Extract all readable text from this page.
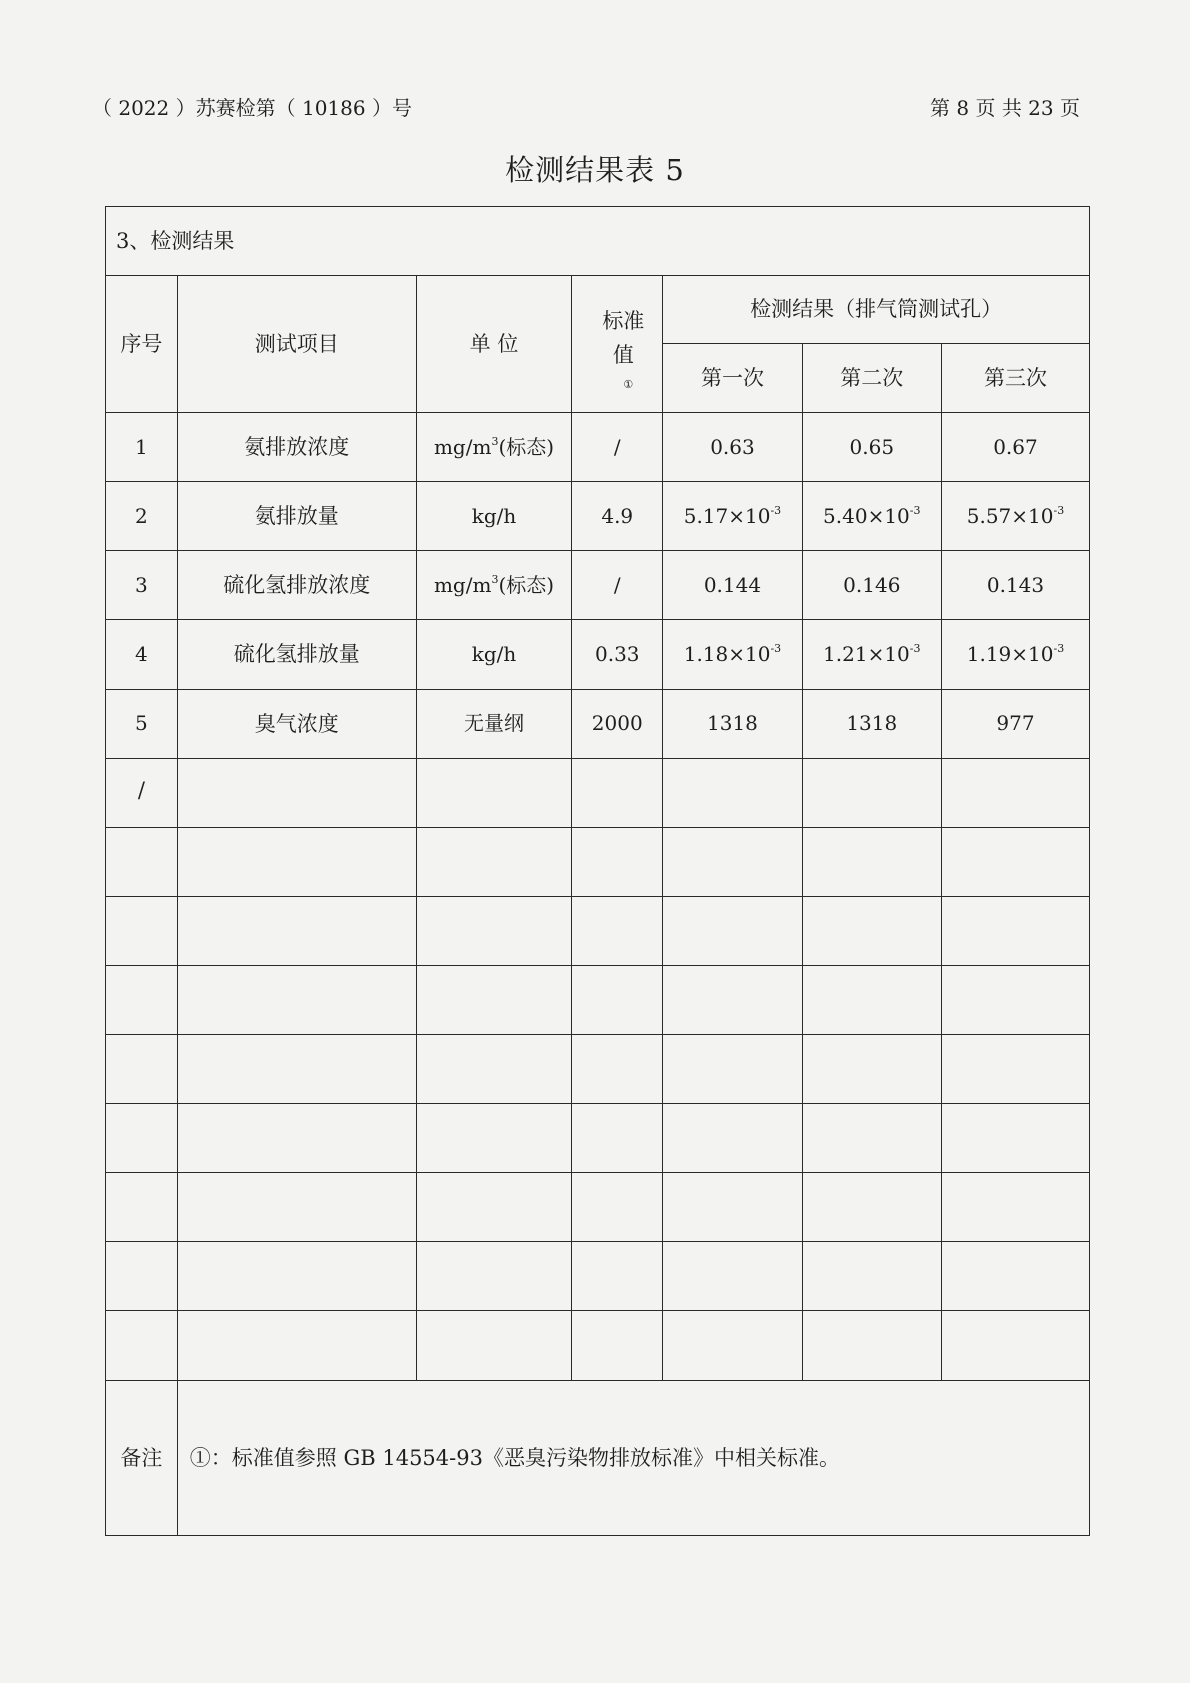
（ 2022 ）苏赛检第（ 10186 ）号	第 8 页 共 23 页
检测结果表 5
3、检测结果						
序号	测试项目	单 位	标准值①	检测结果（排气筒测试孔）		
				第一次	第二次	第三次
1	氨排放浓度	$mg/m^3$(标态)	/	0.63	0.65	0.67
2	氨排放量	kg/h	4.9	$5.17\times 10^{-3}$	$5.40\times 10^{-3}$	$5.57\times 10^{-3}$
3	硫化氢排放浓度	$mg/m^3$(标态)	/	0.144	0.146	0.143
4	硫化氢排放量	kg/h	0.33	$1.18\times 10^{-3}$	$1.21\times 10^{-3}$	$1.19\times 10^{-3}$
5	臭气浓度	无量纲	2000	1318	1318	977
/						

备注	①：标准值参照 GB 14554-93《恶臭污染物排放标准》中相关标准。					
